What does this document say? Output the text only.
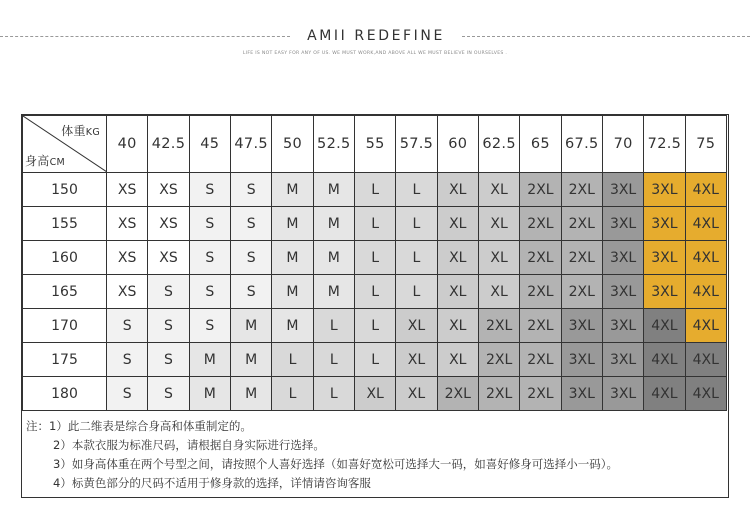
AMII REDEFINE
LIFE IS NOT EASY FOR ANY OF US. WE MUST WORK,AND ABOVE ALL WE MUST BELIEVE IN OURSELVES .
体重KG
身高CM	40	42.5	45	47.5	50	52.5	55	57.5	60	62.5	65	67.5	70	72.5	75
150	XS	XS	S	S	M	M	L	L	XL	XL	2XL	2XL	3XL	3XL	4XL
155	XS	XS	S	S	M	M	L	L	XL	XL	2XL	2XL	3XL	3XL	4XL
160	XS	XS	S	S	M	M	L	L	XL	XL	2XL	2XL	3XL	3XL	4XL
165	XS	S	S	S	M	M	L	L	XL	XL	2XL	2XL	3XL	3XL	4XL
170	S	S	S	M	M	L	L	XL	XL	2XL	2XL	3XL	3XL	4XL	4XL
175	S	S	M	M	L	L	L	XL	XL	2XL	2XL	3XL	3XL	4XL	4XL
180	S	S	M	M	L	L	XL	XL	2XL	2XL	2XL	3XL	3XL	4XL	4XL
注：1）此二维表是综合身高和体重制定的。
2）本款衣服为标准尺码，请根据自身实际进行选择。
3）如身高体重在两个号型之间，请按照个人喜好选择（如喜好宽松可选择大一码，如喜好修身可选择小一码）。
4）标黄色部分的尺码不适用于修身款的选择，详情请咨询客服
